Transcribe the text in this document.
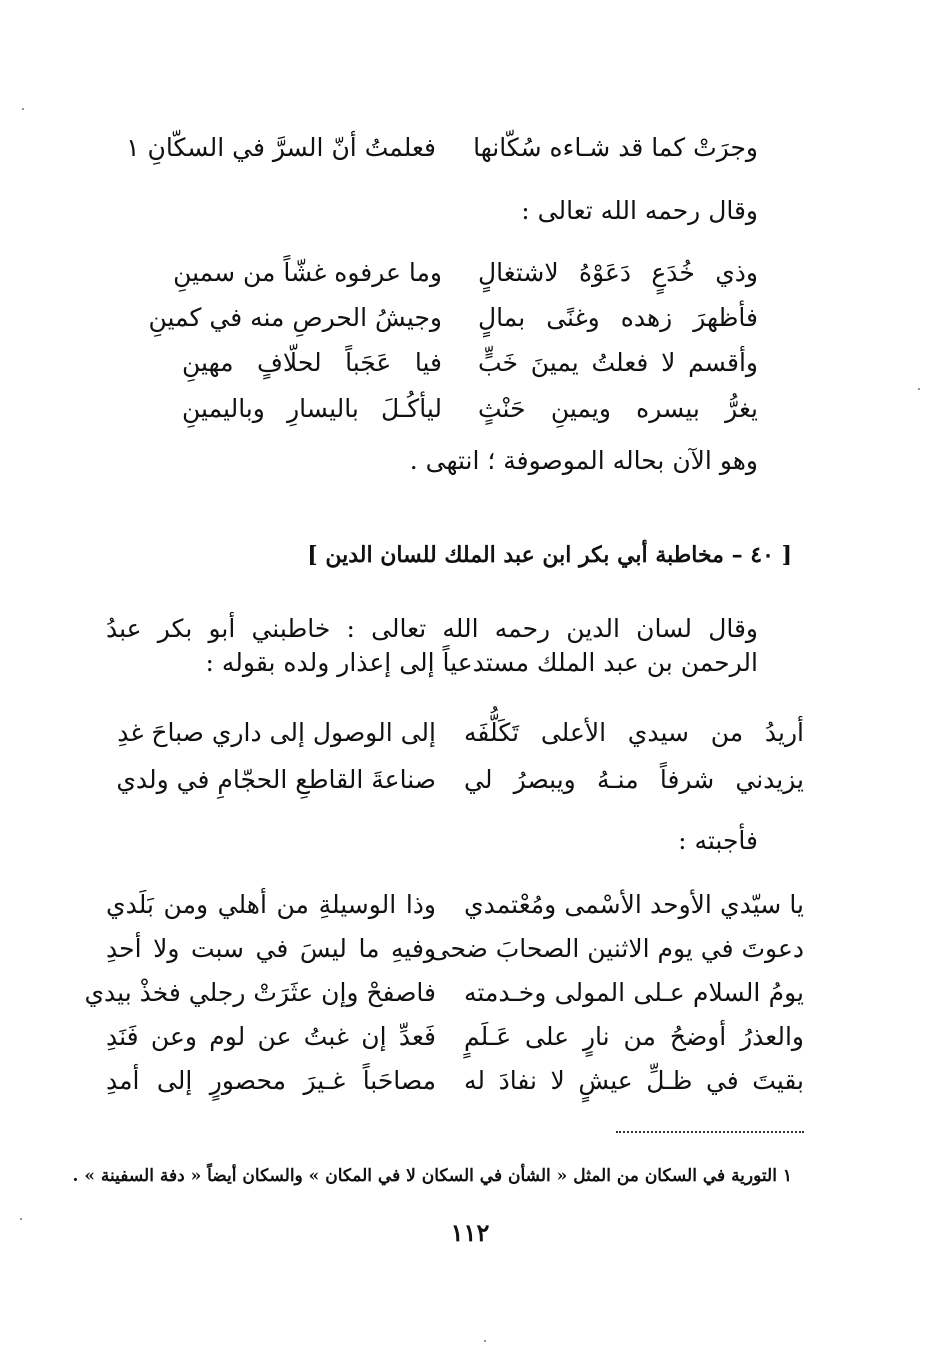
وجرَتْ كما قد شـاءه سُكّانها
فعلمتُ أنّ السرَّ في السكّانِ ١
وقال رحمه الله تعالى :
وذي خُدَعٍ دَعَوْهُ لاشتغالٍ
وما عرفوه غشّاً من سمينِ
فأظهرَ زهده وغنًى بمالٍ
وجيشُ الحرصِ منه في كمينِ
وأقسم لا فعلتُ يمينَ خَبٍّ
فيا عَجَباً لحلّافٍ مهينِ
يغرُّ بيسره ويمينِ حَنْثٍ
ليأكُـلَ باليسارِ وباليمينِ
وهو الآن بحاله الموصوفة ؛ انتهى .
[ ٤٠ – مخاطبة أبي بكر ابن عبد الملك للسان الدين ]
وقال لسان الدين رحمه الله تعالى : خاطبني أبو بكر عبدُ الرحمن بن عبد الملك مستدعياً إلى إعذار ولده بقوله :
أريدُ من سيدي الأعلى تَكَلُّفَه
إلى الوصول إلى داري صباحَ غدِ
يزيدني شرفاً منـهُ ويبصرُ لي
صناعةَ القاطعِ الحجّامِ في ولدي
فأجبته :
يا سيّدي الأوحد الأسْمى ومُعْتمدي
وذا الوسيلةِ من أهلي ومن بَلَدي
دعوتَ في يوم الاثنين الصحابَ ضحى
وفيهِ ما ليسَ في سبت ولا أحدِ
يومُ السلام عـلى المولى وخـدمته
فاصفحْ وإن عثَرَتْ رجلي فخذْ بيدي
والعذرُ أوضحُ من نارٍ على عَـلَمٍ
فَعدِّ إن غبتُ عن لوم وعن فَنَدِ
بقيتَ في ظـلِّ عيشٍ لا نفادَ له
مصاحَباً غـيرَ محصورٍ إلى أمدِ
١ التورية في السكان من المثل « الشأن في السكان لا في المكان » والسكان أيضاً « دفة السفينة » .
١١٢
